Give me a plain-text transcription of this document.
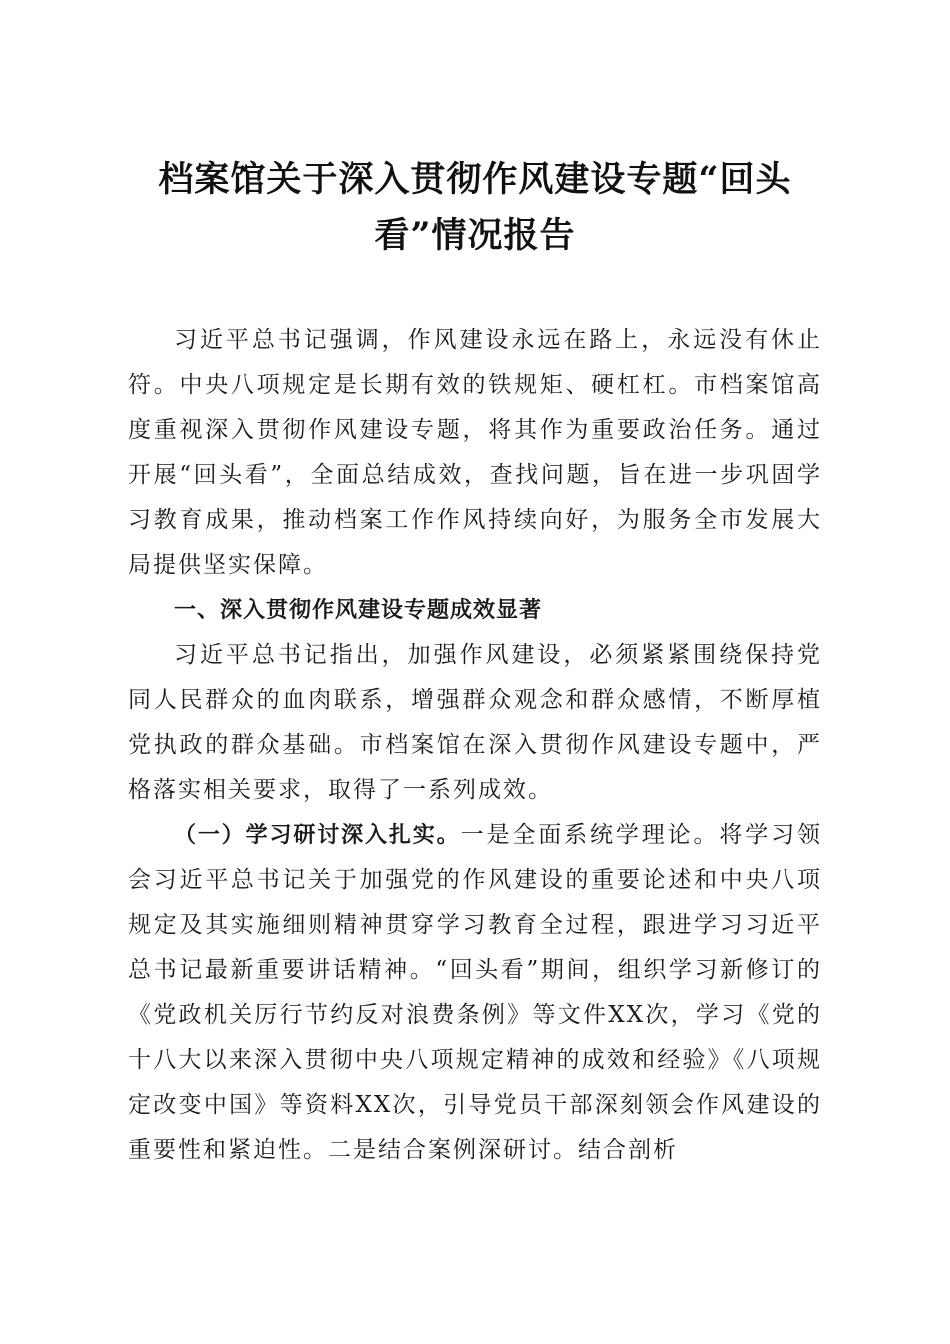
档案馆关于深入贯彻作风建设专题“回头
看”情况报告

习近平总书记强调，作风建设永远在路上，永远没有休止符。中央八项规定是长期有效的铁规矩、硬杠杠。市档案馆高度重视深入贯彻作风建设专题，将其作为重要政治任务。通过开展“回头看”，全面总结成效，查找问题，旨在进一步巩固学习教育成果，推动档案工作作风持续向好，为服务全市发展大局提供坚实保障。

一、深入贯彻作风建设专题成效显著

习近平总书记指出，加强作风建设，必须紧紧围绕保持党同人民群众的血肉联系，增强群众观念和群众感情，不断厚植党执政的群众基础。市档案馆在深入贯彻作风建设专题中，严格落实相关要求，取得了一系列成效。

（一）学习研讨深入扎实。一是全面系统学理论。将学习领会习近平总书记关于加强党的作风建设的重要论述和中央八项规定及其实施细则精神贯穿学习教育全过程，跟进学习习近平总书记最新重要讲话精神。“回头看”期间，组织学习新修订的《党政机关厉行节约反对浪费条例》等文件XX次，学习《党的十八大以来深入贯彻中央八项规定精神的成效和经验》《八项规定改变中国》等资料XX次，引导党员干部深刻领会作风建设的重要性和紧迫性。二是结合案例深研讨。结合剖析
